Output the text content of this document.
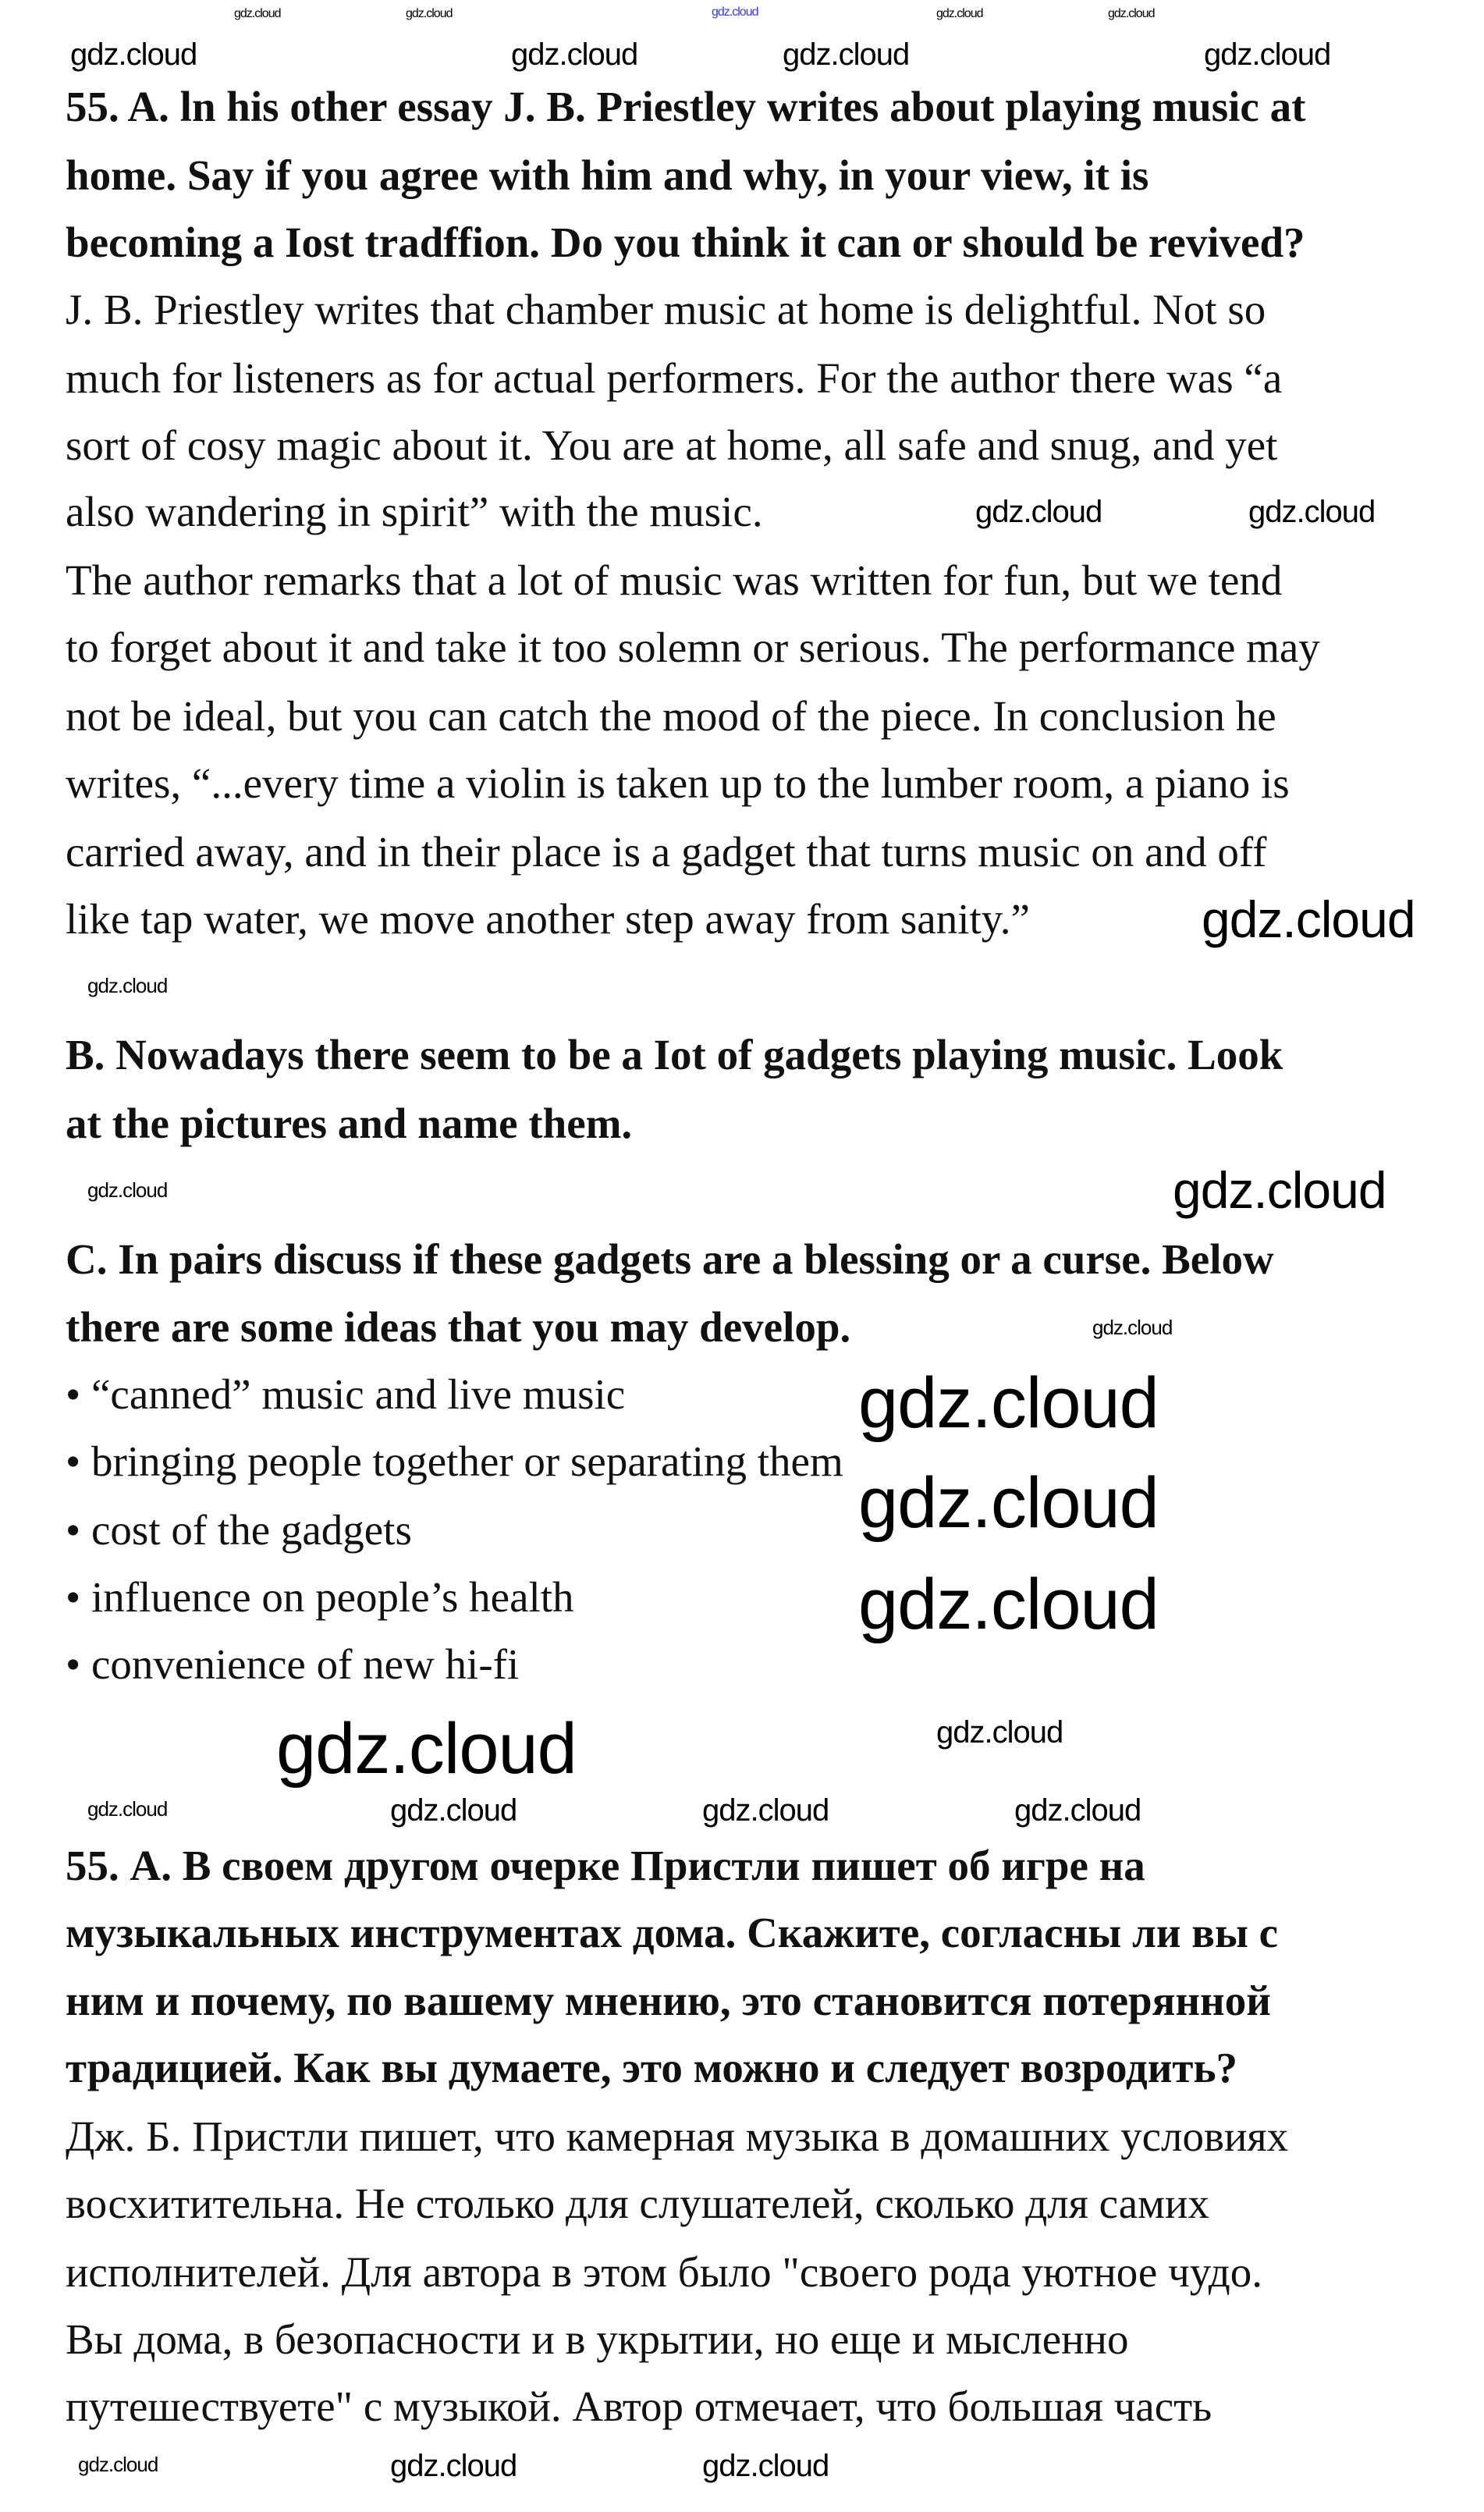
55. A. ln his other essay J. B. Priestley writes about playing music at
home. Say if you agree with him and why, in your view, it is
becoming a Iost tradffion. Do you think it can or should be revived?
J. B. Priestley writes that chamber music at home is delightful. Not so
much for listeners as for actual performers. For the author there was “a
sort of cosy magic about it. You are at home, all safe and snug, and yet
also wandering in spirit” with the music.
The author remarks that a lot of music was written for fun, but we tend
to forget about it and take it too solemn or serious. The performance may
not be ideal, but you can catch the mood of the piece. In conclusion he
writes, “...every time a violin is taken up to the lumber room, a piano is
carried away, and in their place is a gadget that turns music on and off
like tap water, we move another step away from sanity.”
B. Nowadays there seem to be a Iot of gadgets playing music. Look
at the pictures and name them.
C. In pairs discuss if these gadgets are a blessing or a curse. Below
there are some ideas that you may develop.
• “canned” music and live music
• bringing people together or separating them
• cost of the gadgets
• influence on people’s health
• convenience of new hi-fi
55. А. В своем другом очерке Пристли пишет об игре на
музыкальных инструментах дома. Скажите, согласны ли вы с
ним и почему, по вашему мнению, это становится потерянной
традицией. Как вы думаете, это можно и следует возродить?
Дж. Б. Пристли пишет, что камерная музыка в домашних условиях
восхитительна. Не столько для слушателей, сколько для самих
исполнителей. Для автора в этом было "своего рода уютное чудо.
Вы дома, в безопасности и в укрытии, но еще и мысленно
путешествуете" с музыкой. Автор отмечает, что большая часть
gdz.cloud
gdz.cloud	gdz.cloud	gdz.cloud	gdz.cloud
gdz.cloud	gdz.cloud	gdz.cloud	gdz.cloud
gdz.cloud	gdz.cloud
gdz.cloud
gdz.cloud
gdz.cloud	gdz.cloud
gdz.cloud
gdz.cloud
gdz.cloud
gdz.cloud
gdz.cloud	gdz.cloud
gdz.cloud	gdz.cloud	gdz.cloud	gdz.cloud
gdz.cloud	gdz.cloud	gdz.cloud
